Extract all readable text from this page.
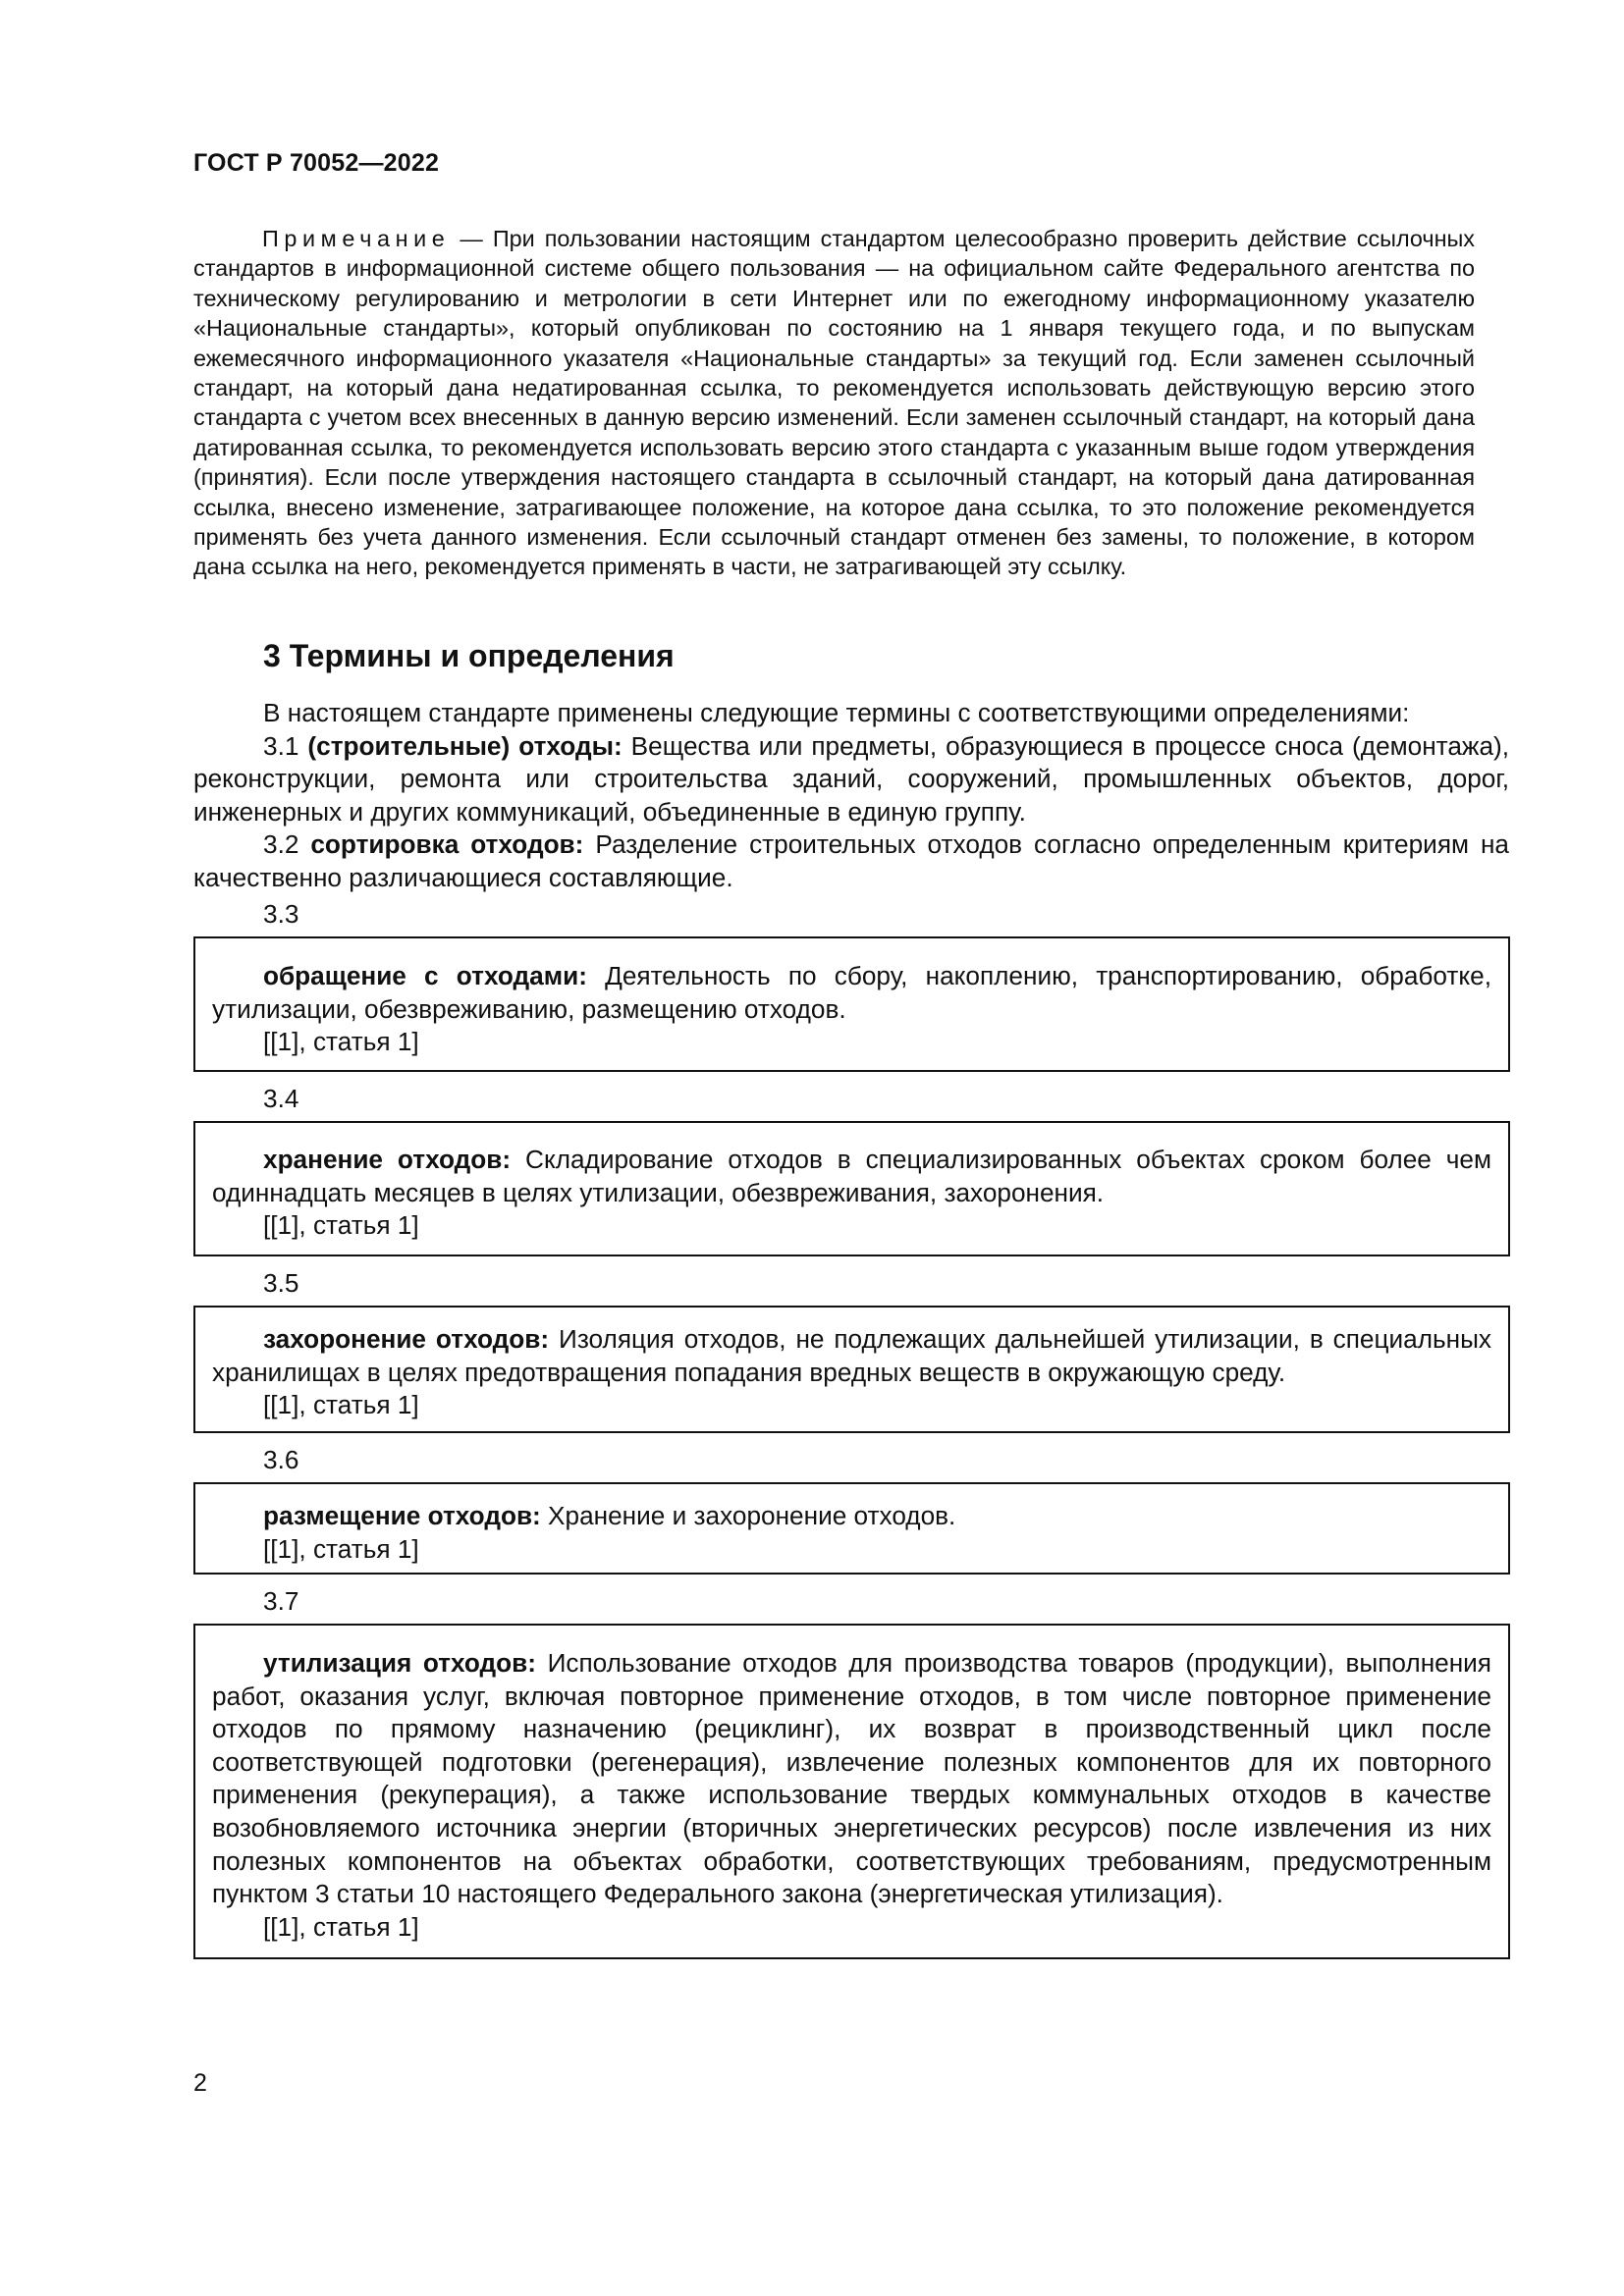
ГОСТ Р 70052—2022
Примечание — При пользовании настоящим стандартом целесообразно проверить действие ссылочных стандартов в информационной системе общего пользования — на официальном сайте Федерального агентства по техническому регулированию и метрологии в сети Интернет или по ежегодному информационному указателю «Национальные стандарты», который опубликован по состоянию на 1 января текущего года, и по выпускам ежемесячного информационного указателя «Национальные стандарты» за текущий год. Если заменен ссылочный стандарт, на который дана недатированная ссылка, то рекомендуется использовать действующую версию этого стандарта с учетом всех внесенных в данную версию изменений. Если заменен ссылочный стандарт, на который дана датированная ссылка, то рекомендуется использовать версию этого стандарта с указанным выше годом утверждения (принятия). Если после утверждения настоящего стандарта в ссылочный стандарт, на который дана датированная ссылка, внесено изменение, затрагивающее положение, на которое дана ссылка, то это положение рекомендуется применять без учета данного изменения. Если ссылочный стандарт отменен без замены, то положение, в котором дана ссылка на него, рекомендуется применять в части, не затрагивающей эту ссылку.
3 Термины и определения

В настоящем стандарте применены следующие термины с соответствующими определениями:

3.1 (строительные) отходы: Вещества или предметы, образующиеся в процессе сноса (демонтажа), реконструкции, ремонта или строительства зданий, сооружений, промышленных объектов, дорог, инженерных и других коммуникаций, объединенные в единую группу.

3.2 сортировка отходов: Разделение строительных отходов согласно определенным критериям на качественно различающиеся составляющие.

3.3

обращение с отходами: Деятельность по сбору, накоплению, транспортированию, обработке, утилизации, обезвреживанию, размещению отходов.

[[1], статья 1]

3.4

хранение отходов: Складирование отходов в специализированных объектах сроком более чем одиннадцать месяцев в целях утилизации, обезвреживания, захоронения.

[[1], статья 1]

3.5

захоронение отходов: Изоляция отходов, не подлежащих дальнейшей утилизации, в специальных хранилищах в целях предотвращения попадания вредных веществ в окружающую среду.

[[1], статья 1]

3.6

размещение отходов: Хранение и захоронение отходов.

[[1], статья 1]

3.7

утилизация отходов: Использование отходов для производства товаров (продукции), выполнения работ, оказания услуг, включая повторное применение отходов, в том числе повторное применение отходов по прямому назначению (рециклинг), их возврат в производственный цикл после соответствующей подготовки (регенерация), извлечение полезных компонентов для их повторного применения (рекуперация), а также использование твердых коммунальных отходов в качестве возобновляемого источника энергии (вторичных энергетических ресурсов) после извлечения из них полезных компонентов на объектах обработки, соответствующих требованиям, предусмотренным пунктом 3 статьи 10 настоящего Федерального закона (энергетическая утилизация).

[[1], статья 1]

2
